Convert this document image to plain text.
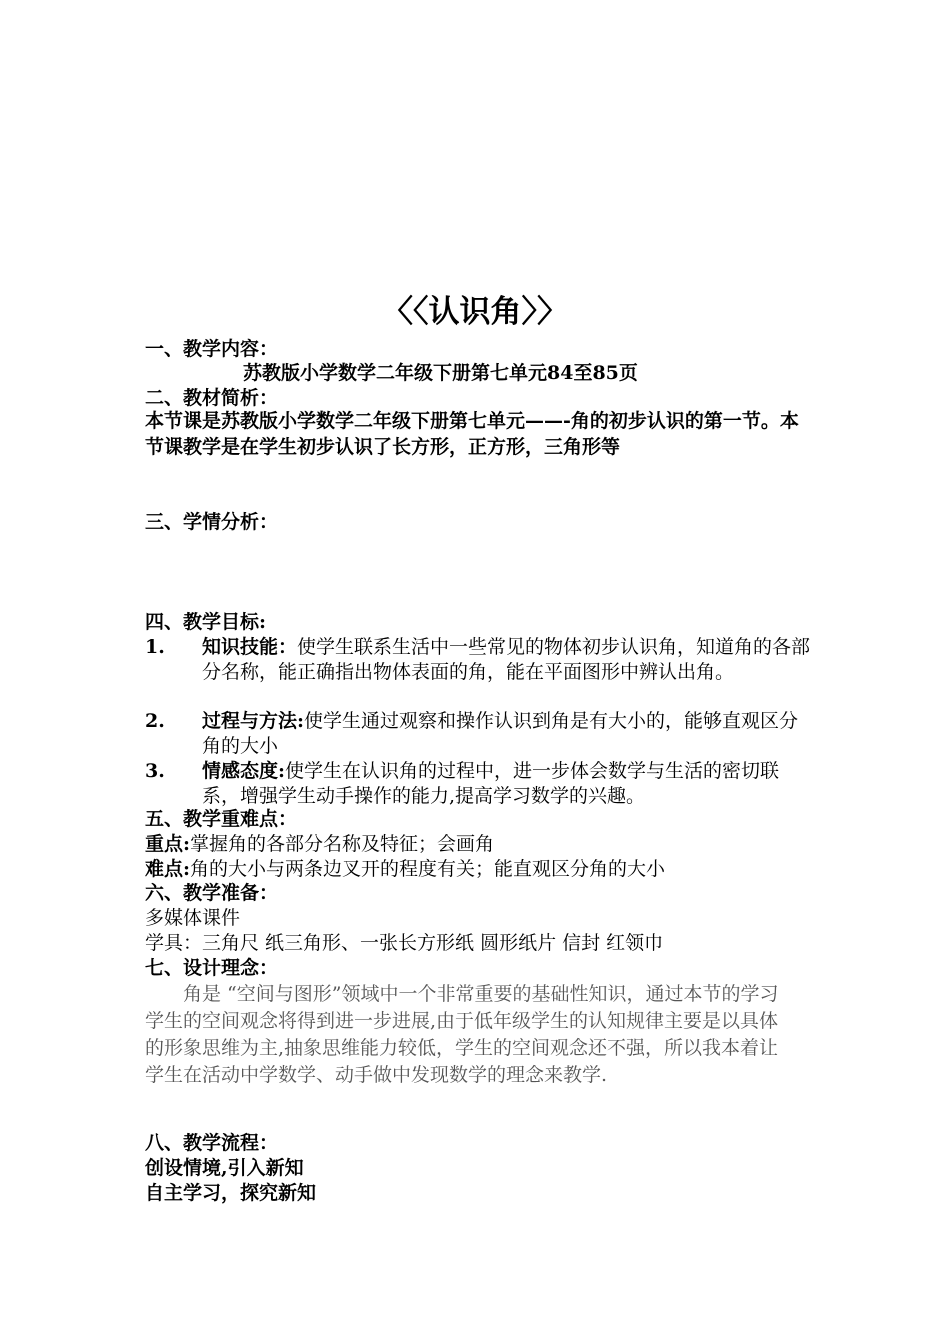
〈〈认识角〉〉
一、教学内容：
苏教版小学数学二年级下册第七单元84至85页
二、教材简析：
本节课是苏教版小学数学二年级下册第七单元——-角的初步认识的第一节。本节课教学是在学生初步认识了长方形，正方形，三角形等
三、学情分析：
四、教学目标:
1. 知识技能：使学生联系生活中一些常见的物体初步认识角，知道角的各部分名称，能正确指出物体表面的角，能在平面图形中辨认出角。
2. 过程与方法:使学生通过观察和操作认识到角是有大小的，能够直观区分角的大小
3. 情感态度:使学生在认识角的过程中，进一步体会数学与生活的密切联系，增强学生动手操作的能力,提高学习数学的兴趣。
五、教学重难点：
重点:掌握角的各部分名称及特征；会画角
难点:角的大小与两条边叉开的程度有关；能直观区分角的大小
六、教学准备：
多媒体课件
学具：三角尺 纸三角形、一张长方形纸 圆形纸片 信封 红领巾
七、设计理念：
角是 “空间与图形”领域中一个非常重要的基础性知识，通过本节的学习学生的空间观念将得到进一步进展,由于低年级学生的认知规律主要是以具体的形象思维为主,抽象思维能力较低，学生的空间观念还不强，所以我本着让学生在活动中学数学、动手做中发现数学的理念来教学.
八、教学流程：
创设情境,引入新知
自主学习，探究新知
